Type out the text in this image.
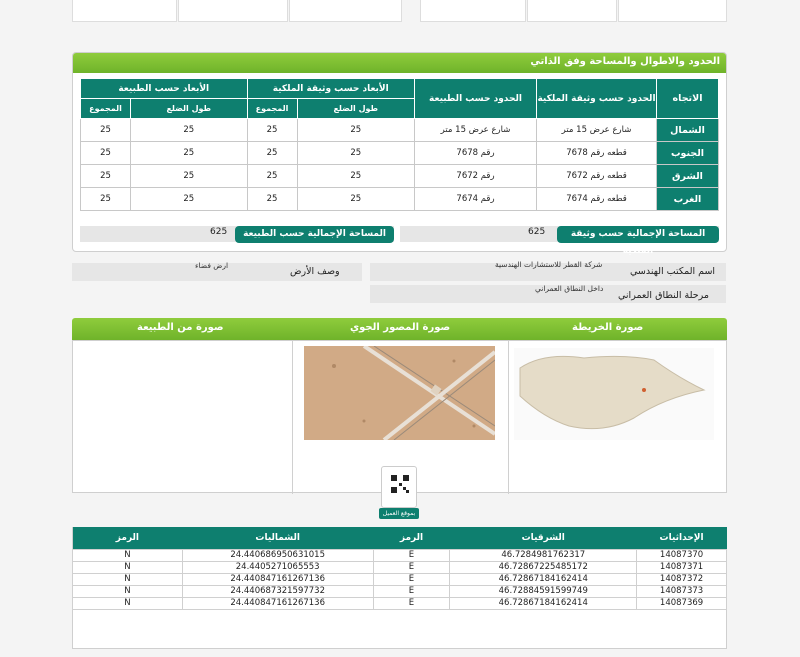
الحدود والاطوال والمساحة وفق الذاتي
الاتجاه	الحدود حسب وثيقة الملكية	الحدود حسب الطبيعة	الأبعاد حسب وثيقة الملكية		الأبعاد حسب الطبيعة	
			طول الضلع	المجموع	طول الضلع	المجموع
الشمال	شارع عرض 15 متر	شارع عرض 15 متر	25	25	25	25
الجنوب	قطعه رقم 7678	رقم 7678	25	25	25	25
الشرق	قطعه رقم 7672	رقم 7672	25	25	25	25
الغرب	قطعه رقم 7674	رقم 7674	25	25	25	25
المساحة الإجمالية حسب وثيقة الملكية
625
المساحة الإجمالية حسب الطبيعة
625
اسم المكتب الهندسي
شركة القطر للاستشارات الهندسية
وصف الأرض
ارض فضاء
مرحلة النطاق العمراني
داخل النطاق العمراني
صورة الخريطة
صورة المصور الجوي
صورة من الطبيعة
بموقع العميل
الإحداثيات	الشرقيات	الرمز	الشماليات	الرمز
14087370	46.7284981762317	E	24.440686950631015	N
14087371	46.72867225485172	E	24.4405271065553	N
14087372	46.72867184162414	E	24.440847161267136	N
14087373	46.72884591599749	E	24.440687321597732	N
14087369	46.72867184162414	E	24.440847161267136	N
